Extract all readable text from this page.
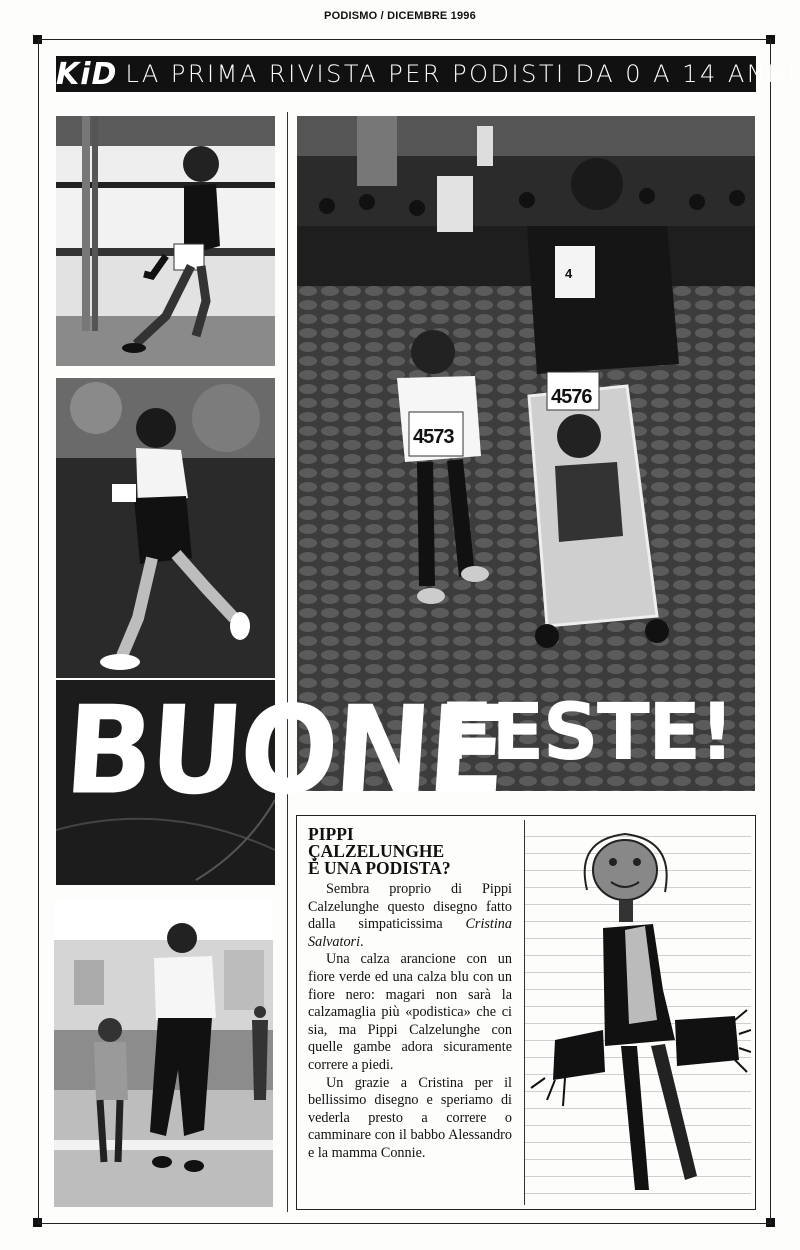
PODISMO / DICEMBRE 1996
KiD LA PRIMA RIVISTA PER PODISTI DA 0 A 14 ANNI
4
4576
4573
BUONE
FESTE!
PIPPI
ÇALZELUNGHE
È UNA PODISTA?

Sembra proprio di Pippi Calzelunghe questo disegno fatto dalla simpaticissima Cristina Salvatori.

Una calza arancione con un fiore verde ed una calza blu con un fiore nero: magari non sarà la calzamaglia più «podistica» che ci sia, ma Pippi Calzelunghe con quelle gambe adora sicuramente correre a piedi.

Un grazie a Cristina per il bellissimo disegno e speriamo di vederla presto a correre o camminare con il babbo Alessandro e la mamma Connie.
